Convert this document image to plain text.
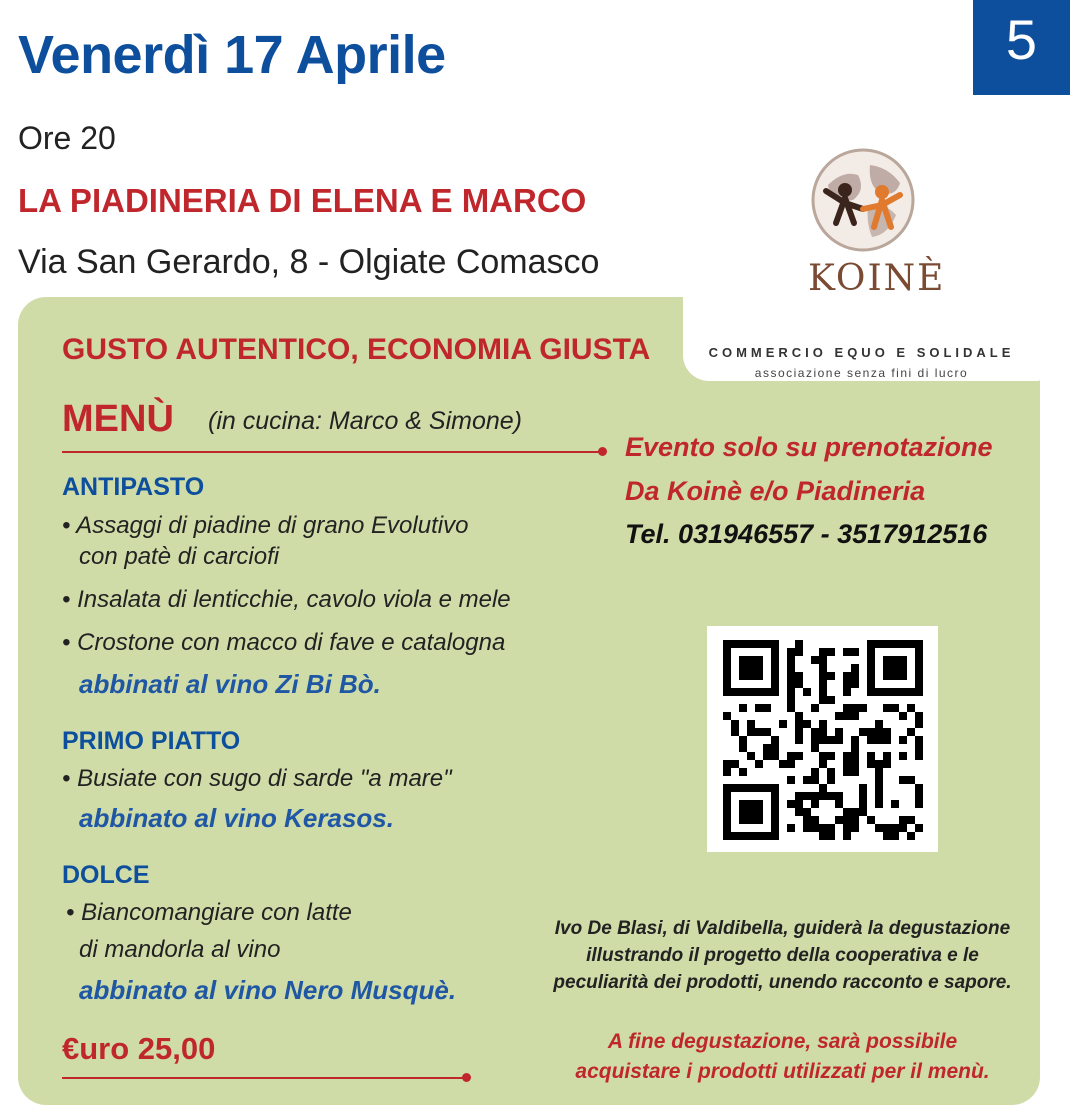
Venerdì 17 Aprile	5
Ore 20
LA PIADINERIA DI ELENA E MARCO
Via San Gerardo, 8 - Olgiate Comasco	KOINÈ
COMMERCIO EQUO E SOLIDALE
associazione senza fini di lucro
GUSTO AUTENTICO, ECONOMIA GIUSTA
MENÙ (in cucina: Marco & Simone)
ANTIPASTO
• Assaggi di piadine di grano Evolutivo
con patè di carciofi
• Insalata di lenticchie, cavolo viola e mele
• Crostone con macco di fave e catalogna
abbinati al vino Zi Bi Bò.
PRIMO PIATTO
• Busiate con sugo di sarde "a mare"
abbinato al vino Kerasos.
DOLCE
• Biancomangiare con latte
di mandorla al vino
abbinato al vino Nero Musquè.
€uro 25,00
Evento solo su prenotazione
Da Koinè e/o Piadineria
Tel. 031946557 - 3517912516
Ivo De Blasi, di Valdibella, guiderà la degustazione
illustrando il progetto della cooperativa e le
peculiarità dei prodotti, unendo racconto e sapore.
A fine degustazione, sarà possibile
acquistare i prodotti utilizzati per il menù.
